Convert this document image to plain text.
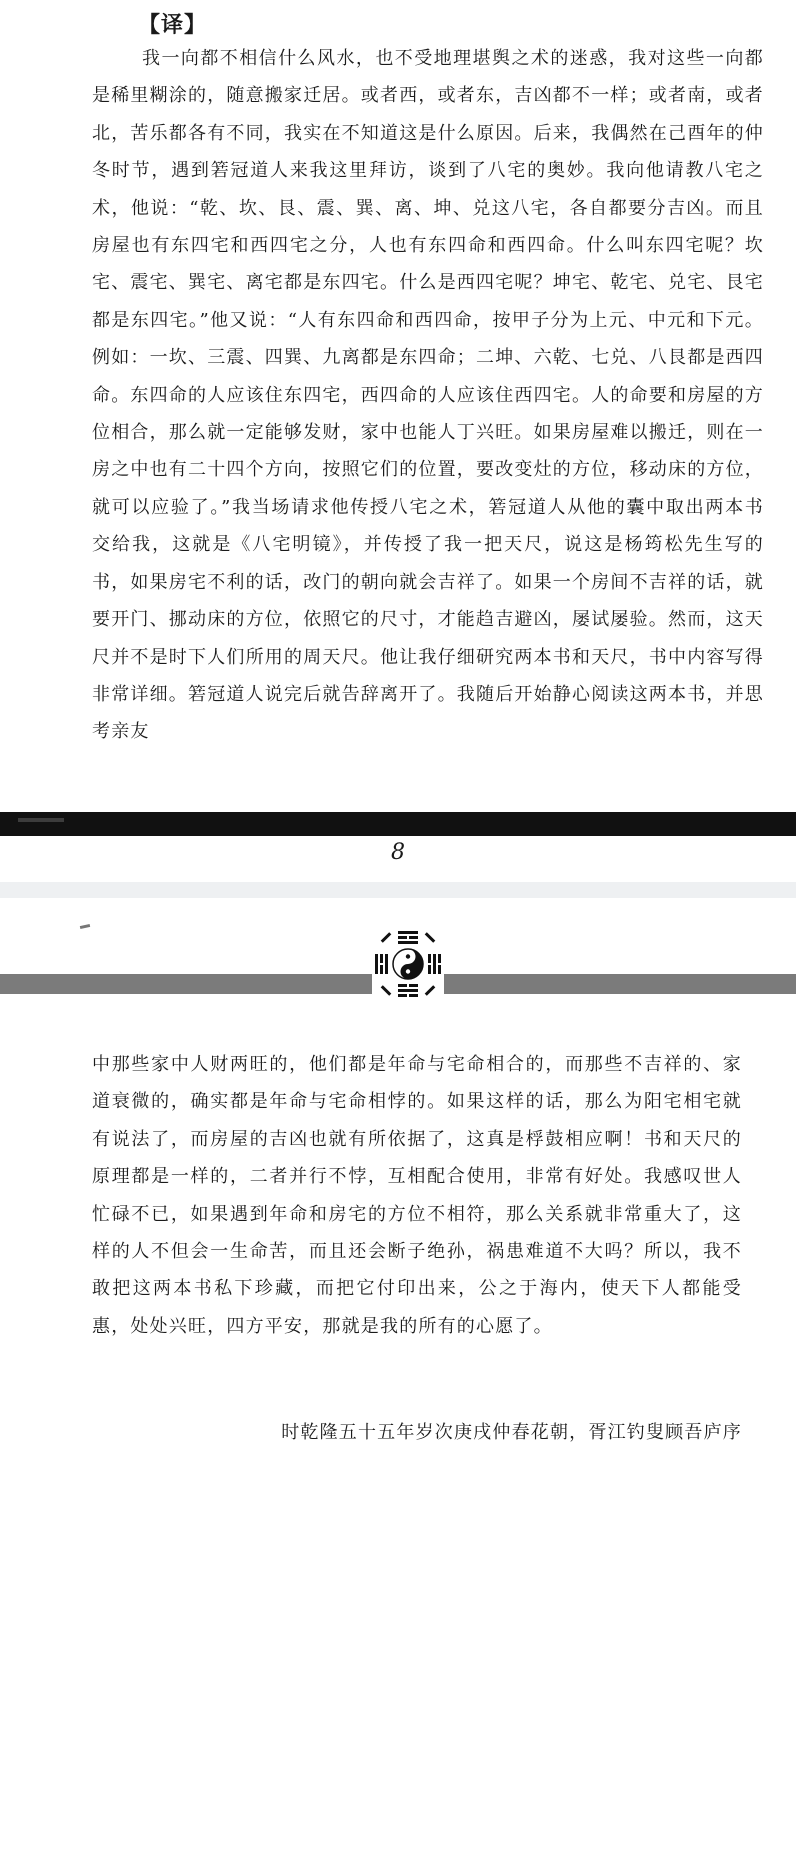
【译】

我一向都不相信什么风水，也不受地理堪舆之术的迷惑，我对这些一向都是稀里糊涂的，随意搬家迁居。或者西，或者东，吉凶都不一样；或者南，或者北，苦乐都各有不同，我实在不知道这是什么原因。后来，我偶然在己酉年的仲冬时节，遇到箬冠道人来我这里拜访，谈到了八宅的奥妙。我向他请教八宅之术，他说：“乾、坎、艮、震、巽、离、坤、兑这八宅，各自都要分吉凶。而且房屋也有东四宅和西四宅之分，人也有东四命和西四命。什么叫东四宅呢？坎宅、震宅、巽宅、离宅都是东四宅。什么是西四宅呢？坤宅、乾宅、兑宅、艮宅都是东四宅。”他又说：“人有东四命和西四命，按甲子分为上元、中元和下元。例如：一坎、三震、四巽、九离都是东四命；二坤、六乾、七兑、八艮都是西四命。东四命的人应该住东四宅，西四命的人应该住西四宅。人的命要和房屋的方位相合，那么就一定能够发财，家中也能人丁兴旺。如果房屋难以搬迁，则在一房之中也有二十四个方向，按照它们的位置，要改变灶的方位，移动床的方位，就可以应验了。”我当场请求他传授八宅之术，箬冠道人从他的囊中取出两本书交给我，这就是《八宅明镜》，并传授了我一把天尺，说这是杨筠松先生写的书，如果房宅不利的话，改门的朝向就会吉祥了。如果一个房间不吉祥的话，就要开门、挪动床的方位，依照它的尺寸，才能趋吉避凶，屡试屡验。然而，这天尺并不是时下人们所用的周天尺。他让我仔细研究两本书和天尺，书中内容写得非常详细。箬冠道人说完后就告辞离开了。我随后开始静心阅读这两本书，并思考亲友

8

中那些家中人财两旺的，他们都是年命与宅命相合的，而那些不吉祥的、家道衰微的，确实都是年命与宅命相悖的。如果这样的话，那么为阳宅相宅就有说法了，而房屋的吉凶也就有所依据了，这真是桴鼓相应啊！书和天尺的原理都是一样的，二者并行不悖，互相配合使用，非常有好处。我感叹世人忙碌不已，如果遇到年命和房宅的方位不相符，那么关系就非常重大了，这样的人不但会一生命苦，而且还会断子绝孙，祸患难道不大吗？所以，我不敢把这两本书私下珍藏，而把它付印出来，公之于海内，使天下人都能受惠，处处兴旺，四方平安，那就是我的所有的心愿了。

时乾隆五十五年岁次庚戌仲春花朝，胥江钓叟顾吾庐序
